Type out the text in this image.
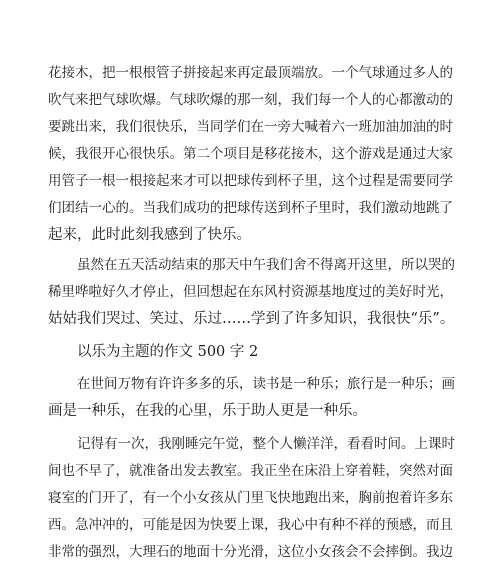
花接木，把一根根管子拼接起来再定最顶端放。一个气球通过多人的
吹气来把气球吹爆。气球吹爆的那一刻，我们每一个人的心都激动的
要跳出来，我们很快乐，当同学们在一旁大喊着六一班加油加油的时
候，我很开心很快乐。第二个项目是移花接木，这个游戏是通过大家
用管子一根一根接起来才可以把球传到杯子里，这个过程是需要同学
们团结一心的。当我们成功的把球传送到杯子里时，我们激动地跳了
起来，此时此刻我感到了快乐。
虽然在五天活动结束的那天中午我们舍不得离开这里，所以哭的
稀里哗啦好久才停止，但回想起在东风村资源基地度过的美好时光，
姑姑我们哭过、笑过、乐过……学到了许多知识，我很快“乐”。
以乐为主题的作文 500 字 2
在世间万物有许许多多的乐，读书是一种乐；旅行是一种乐；画
画是一种乐，在我的心里，乐于助人更是一种乐。
记得有一次，我刚睡完午觉，整个人懒洋洋，看看时间。上课时
间也不早了，就准备出发去教室。我正坐在床沿上穿着鞋，突然对面
寝室的门开了，有一个小女孩从门里飞快地跑出来，胸前抱着许多东
西。急冲冲的，可能是因为快要上课，我心中有种不祥的预感，而且
非常的强烈，大理石的地面十分光滑，这位小女孩会不会摔倒。我边
